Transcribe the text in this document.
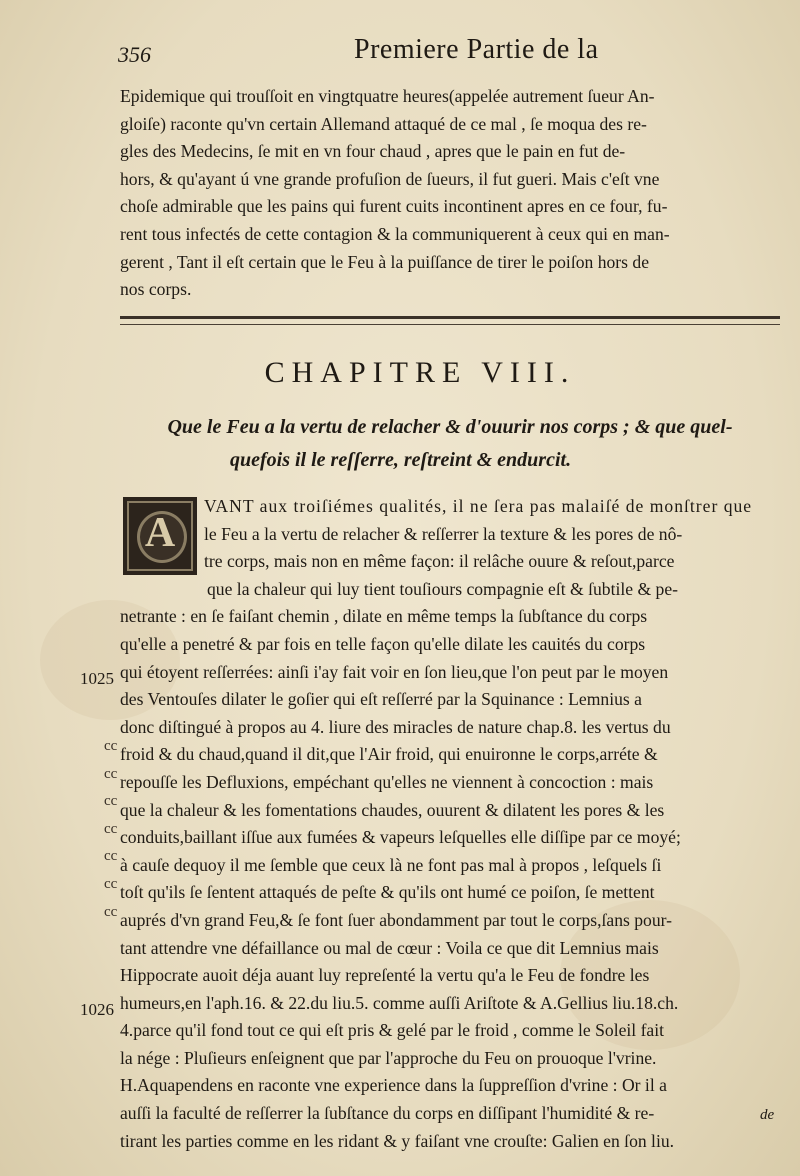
356	Premiere Partie de la
Epidemique qui trouſſoit en vingtquatre heures(appelée autrement ſueur An-
gloiſe) raconte qu'vn certain Allemand attaqué de ce mal , ſe moqua des re-
gles des Medecins, ſe mit en vn four chaud , apres que le pain en fut de-
hors, & qu'ayant ú vne grande profuſion de ſueurs, il fut gueri. Mais c'eſt vne
choſe admirable que les pains qui furent cuits incontinent apres en ce four, fu-
rent tous infectés de cette contagion & la communiquerent à ceux qui en man-
gerent , Tant il eſt certain que le Feu à la puiſſance de tirer le poiſon hors de
nos corps.
CHAPITRE VIII.
Que le Feu a la vertu de relacher & d'ouurir nos corps ; & que quel-
quefois il le reſſerre, reſtreint & endurcit.
A
VANT aux troiſiémes qualités, il ne ſera pas malaiſé de monſtrer que
le Feu a la vertu de relacher & reſſerrer la texture & les pores de nô-
tre corps, mais non en même façon: il relâche ouure & reſout,parce
que la chaleur qui luy tient touſiours compagnie eſt & ſubtile & pe-
netrante : en ſe faiſant chemin , dilate en même temps la ſubſtance du corps
qu'elle a penetré & par fois en telle façon qu'elle dilate les cauités du corps
qui étoyent reſſerrées: ainſi i'ay fait voir en ſon lieu,que l'on peut par le moyen
des Ventouſes dilater le goſier qui eſt reſſerré par la Squinance : Lemnius a
donc diſtingué à propos au 4. liure des miracles de nature chap.8. les vertus du
froid & du chaud,quand il dit,que l'Air froid, qui enuironne le corps,arréte &
repouſſe les Defluxions, empéchant qu'elles ne viennent à concoction : mais
que la chaleur & les fomentations chaudes, ouurent & dilatent les pores & les
conduits,baillant iſſue aux fumées & vapeurs leſquelles elle diſſipe par ce moyé;
à cauſe dequoy il me ſemble que ceux là ne font pas mal à propos , leſquels ſi
toſt qu'ils ſe ſentent attaqués de peſte & qu'ils ont humé ce poiſon, ſe mettent
auprés d'vn grand Feu,& ſe font ſuer abondamment par tout le corps,ſans pour-
tant attendre vne défaillance ou mal de cœur : Voila ce que dit Lemnius mais
Hippocrate auoit déja auant luy repreſenté la vertu qu'a le Feu de fondre les
humeurs,en l'aph.16. & 22.du liu.5. comme auſſi Ariſtote & A.Gellius liu.18.ch.
4.parce qu'il fond tout ce qui eſt pris & gelé par le froid , comme le Soleil fait
la nége : Pluſieurs enſeignent que par l'approche du Feu on prouoque l'vrine.
H.Aquapendens en raconte vne experience dans la ſuppreſſion d'vrine : Or il a
auſſi la faculté de reſſerrer la ſubſtance du corps en diſſipant l'humidité & re-
tirant les parties comme en les ridant & y faiſant vne crouſte: Galien en ſon liu.
1025
1026
cc
cc
cc
cc
cc
cc
cc
de
